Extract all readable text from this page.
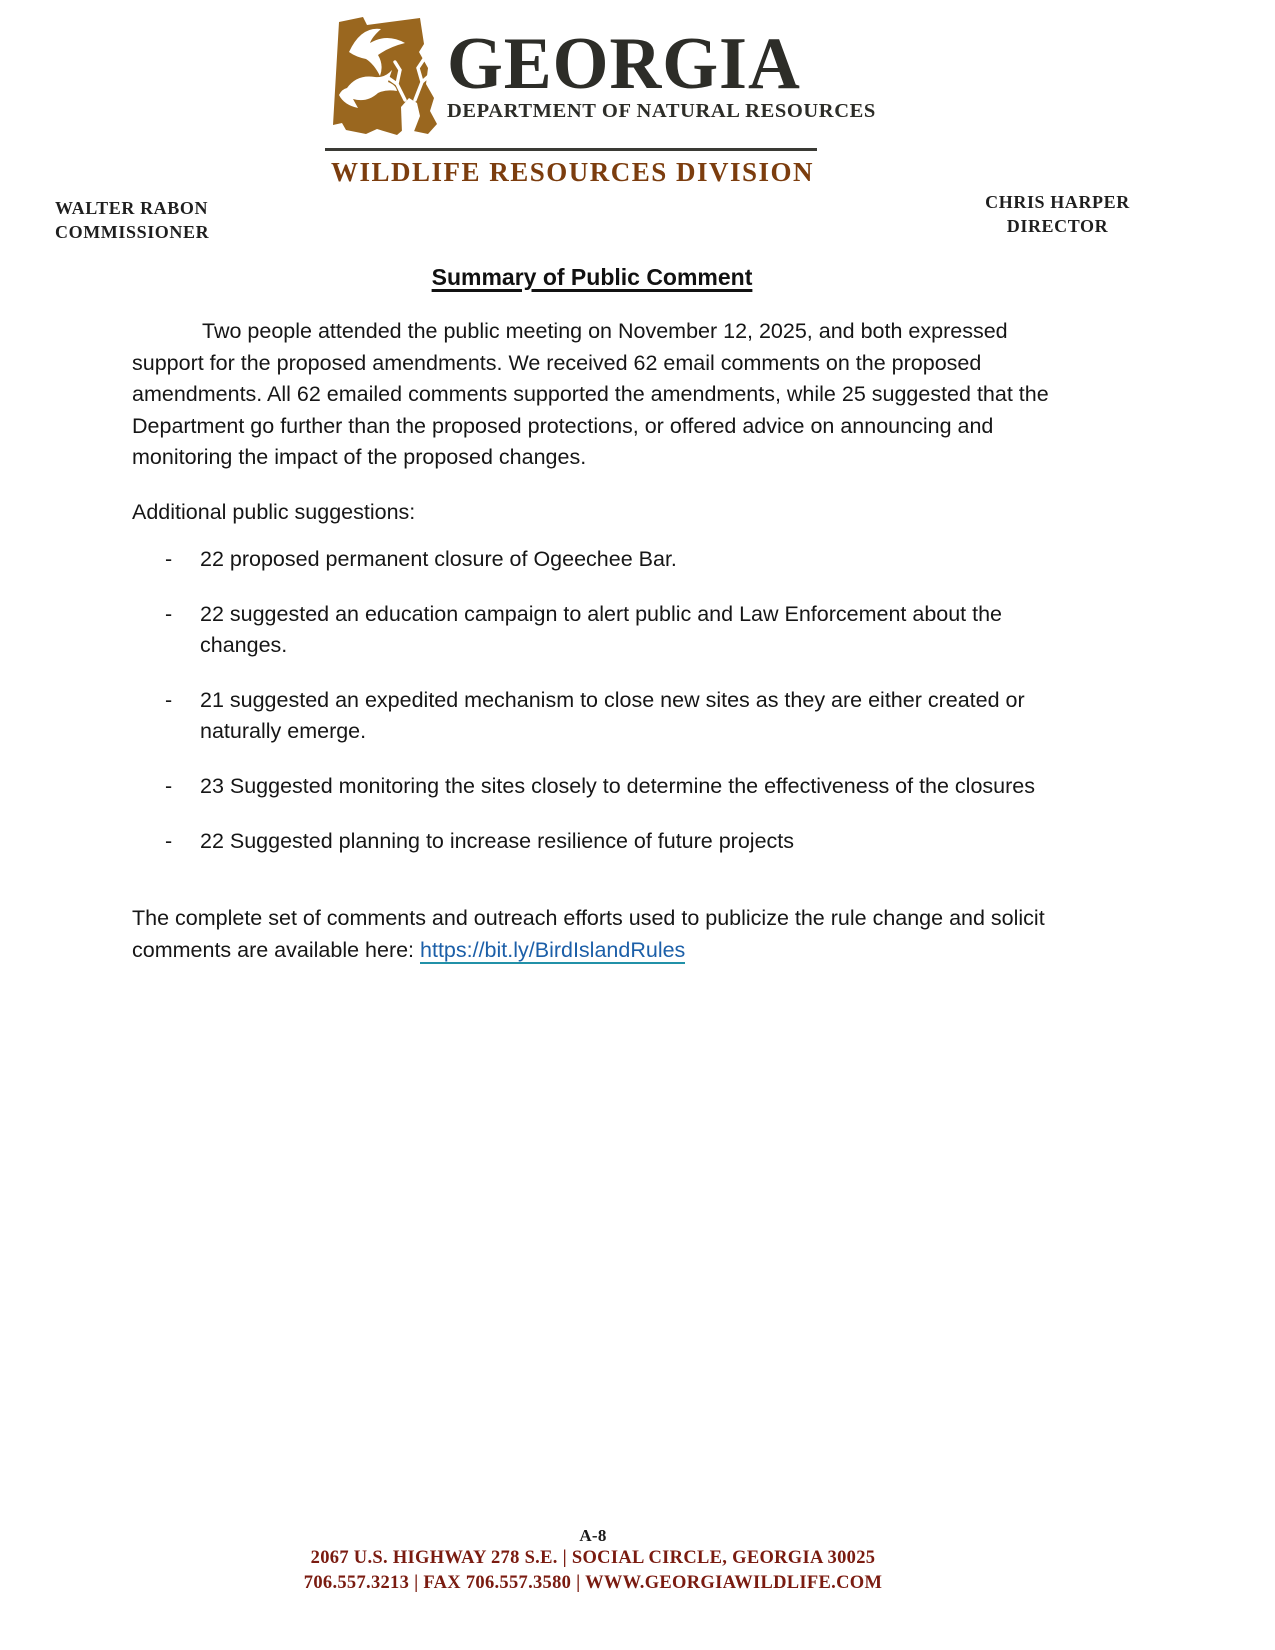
GEORGIA
DEPARTMENT OF NATURAL RESOURCES
WILDLIFE RESOURCES DIVISION
WALTER RABON
COMMISSIONER
CHRIS HARPER
DIRECTOR
Summary of Public Comment

Two people attended the public meeting on November 12, 2025, and both expressed support for the proposed amendments. We received 62 email comments on the proposed amendments. All 62 emailed comments supported the amendments, while 25 suggested that the Department go further than the proposed protections, or offered advice on announcing and monitoring the impact of the proposed changes.

Additional public suggestions:

- 22 proposed permanent closure of Ogeechee Bar.
- 22 suggested an education campaign to alert public and Law Enforcement about the changes.
- 21 suggested an expedited mechanism to close new sites as they are either created or naturally emerge.
- 23 Suggested monitoring the sites closely to determine the effectiveness of the closures
- 22 Suggested planning to increase resilience of future projects

The complete set of comments and outreach efforts used to publicize the rule change and solicit comments are available here: https://bit.ly/BirdIslandRules

A-8
2067 U.S. HIGHWAY 278 S.E. | SOCIAL CIRCLE, GEORGIA 30025
706.557.3213 | FAX 706.557.3580 | WWW.GEORGIAWILDLIFE.COM
